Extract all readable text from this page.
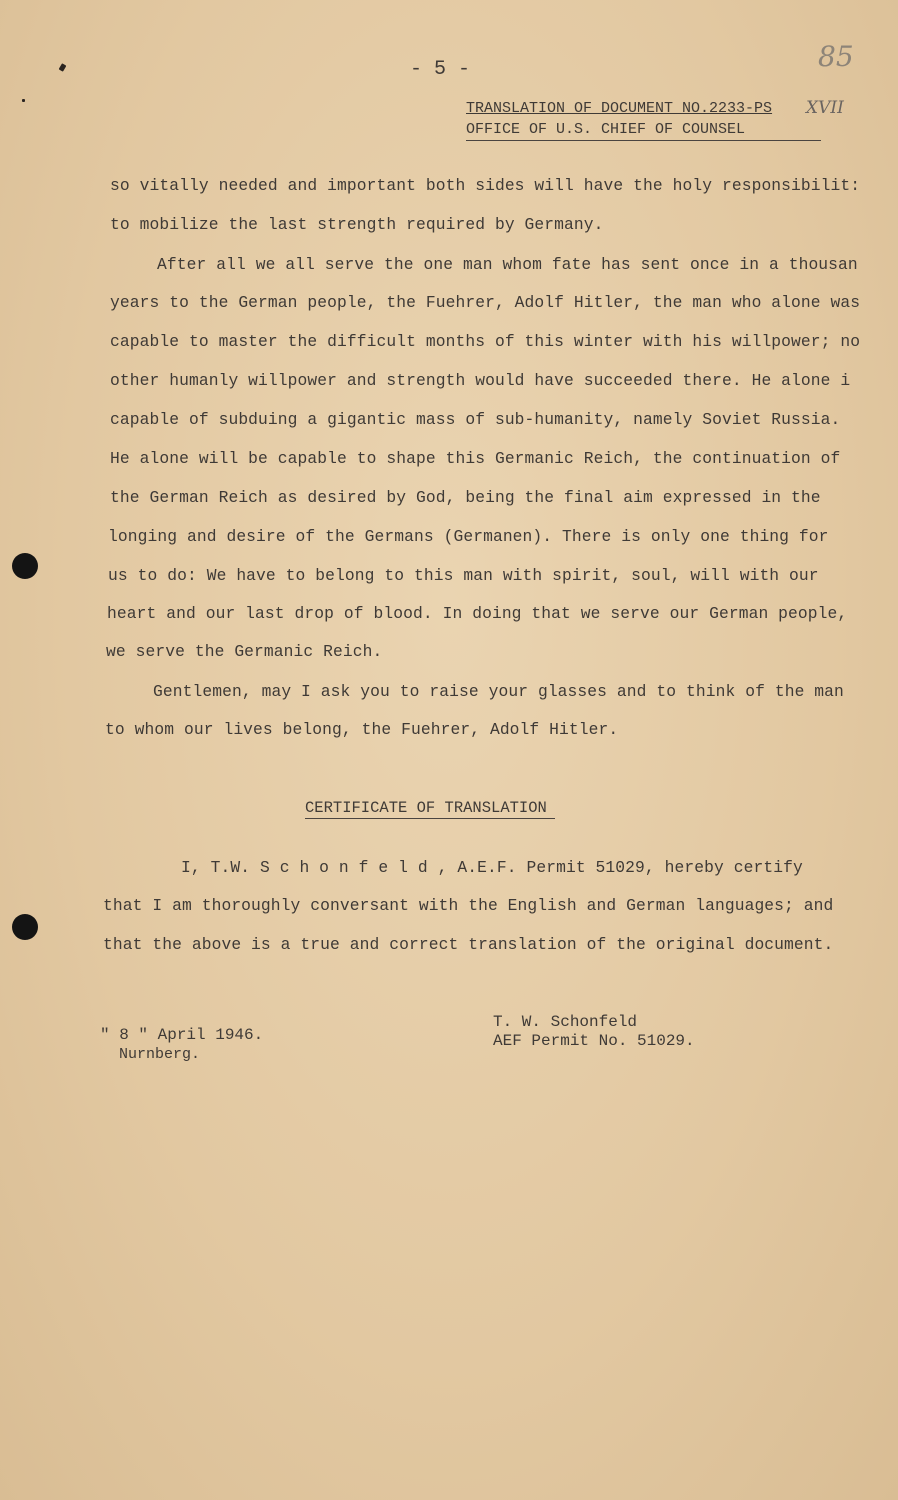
- 5 -	85
TRANSLATION OF DOCUMENT NO.2233-PS XVII
OFFICE OF U.S. CHIEF OF COUNSEL
so vitally needed and important both sides will have the holy responsibilit:
to mobilize the last strength required by Germany.
After all we all serve the one man whom fate has sent once in a thousan
years to the German people, the Fuehrer, Adolf Hitler, the man who alone was
capable to master the difficult months of this winter with his willpower; no
other humanly willpower and strength would have succeeded there. He alone i
capable of subduing a gigantic mass of sub-humanity, namely Soviet Russia.
He alone will be capable to shape this Germanic Reich, the continuation of
the German Reich as desired by God, being the final aim expressed in the
longing and desire of the Germans (Germanen). There is only one thing for
us to do: We have to belong to this man with spirit, soul, will with our
heart and our last drop of blood. In doing that we serve our German people,
we serve the Germanic Reich.
Gentlemen, may I ask you to raise your glasses and to think of the man
to whom our lives belong, the Fuehrer, Adolf Hitler.
CERTIFICATE OF TRANSLATION
I, T.W. S c h o n f e l d , A.E.F. Permit 51029, hereby certify
that I am thoroughly conversant with the English and German languages; and
that the above is a true and correct translation of the original document.
" 8 " April 1946.
Nurnberg.
T. W. Schonfeld
AEF Permit No. 51029.
